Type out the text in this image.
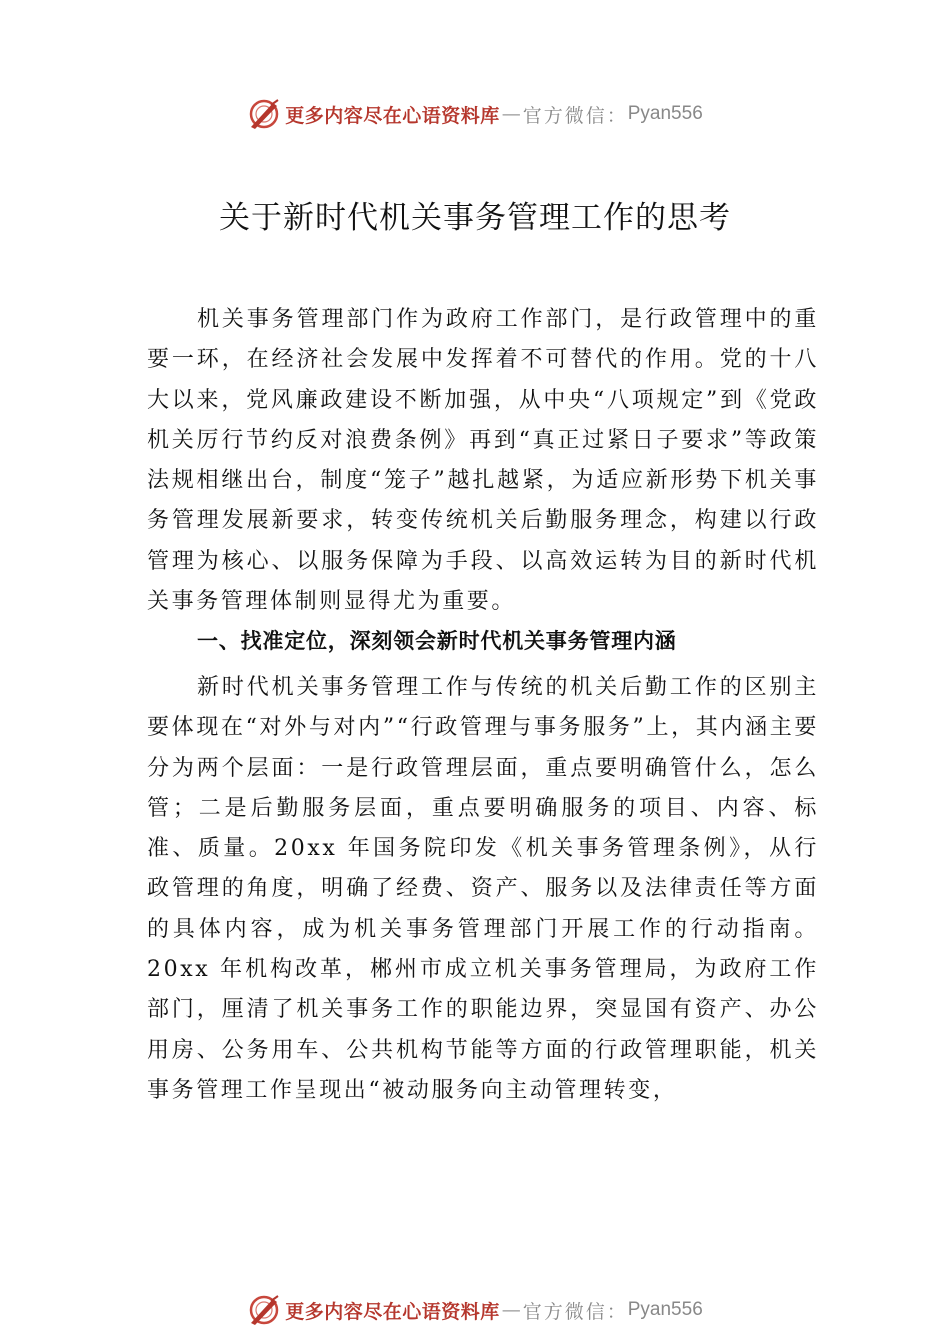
更多内容尽在心语资料库 — 官方微信： Pyan556
关于新时代机关事务管理工作的思考

机关事务管理部门作为政府工作部门，是行政管理中的重要一环，在经济社会发展中发挥着不可替代的作用。党的十八大以来，党风廉政建设不断加强，从中央“八项规定”到《党政机关厉行节约反对浪费条例》再到“真正过紧日子要求”等政策法规相继出台，制度“笼子”越扎越紧，为适应新形势下机关事务管理发展新要求，转变传统机关后勤服务理念，构建以行政管理为核心、以服务保障为手段、以高效运转为目的新时代机关事务管理体制则显得尤为重要。

一、找准定位，深刻领会新时代机关事务管理内涵

新时代机关事务管理工作与传统的机关后勤工作的区别主要体现在“对外与对内”“行政管理与事务服务”上，其内涵主要分为两个层面：一是行政管理层面，重点要明确管什么，怎么管；二是后勤服务层面，重点要明确服务的项目、内容、标准、质量。20xx 年国务院印发《机关事务管理条例》，从行政管理的角度，明确了经费、资产、服务以及法律责任等方面的具体内容，成为机关事务管理部门开展工作的行动指南。20xx 年机构改革，郴州市成立机关事务管理局，为政府工作部门，厘清了机关事务工作的职能边界，突显国有资产、办公用房、公务用车、公共机构节能等方面的行政管理职能，机关事务管理工作呈现出“被动服务向主动管理转变，

更多内容尽在心语资料库 — 官方微信： Pyan556
